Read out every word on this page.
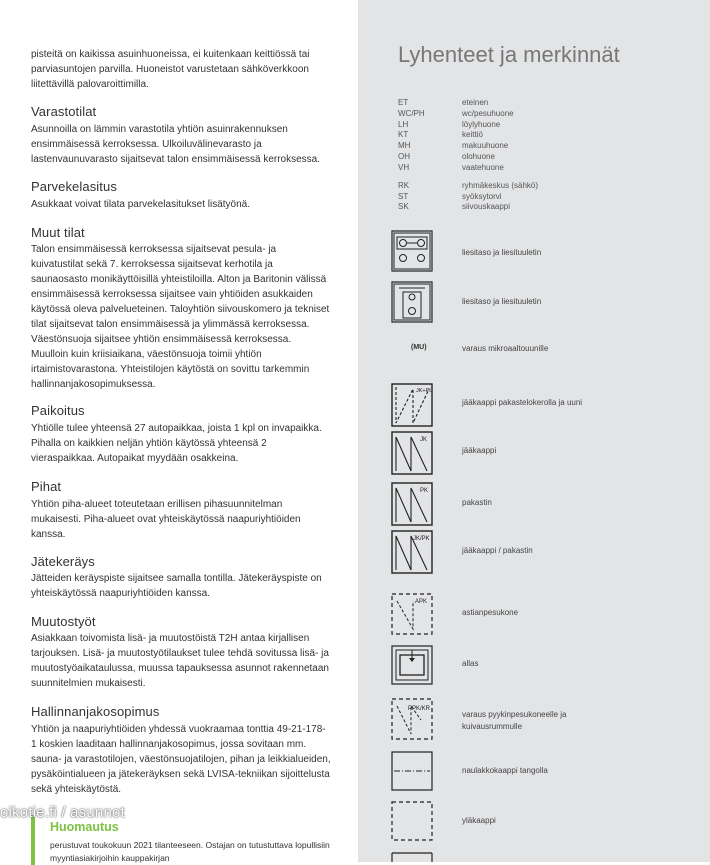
pisteitä on kaikissa asuinhuoneissa, ei kuitenkaan keittiössä tai parviasuntojen parvilla. Huoneistot varustetaan sähköverkkoon liitettävillä palovaroittimilla.

Varastotilat

Asunnoilla on lämmin varastotila yhtiön asuinrakennuksen ensimmäisessä kerroksessa. Ulkoiluvälinevarasto ja lastenvaunuvarasto sijaitsevat talon ensimmäisessä kerroksessa.

Parvekelasitus

Asukkaat voivat tilata parvekelasitukset lisätyönä.

Muut tilat

Talon ensimmäisessä kerroksessa sijaitsevat pesula- ja kuivatustilat sekä 7. kerroksessa sijaitsevat kerhotila ja saunaosasto monikäyttöisillä yhteistiloilla. Alton ja Baritonin välissä ensimmäisessä kerroksessa sijaitsee vain yhtiöiden asukkaiden käytössä oleva palvelueteinen. Taloyhtiön siivouskomero ja tekniset tilat sijaitsevat talon ensimmäisessä ja ylimmässä kerroksessa. Väestönsuoja sijaitsee yhtiön ensimmäisessä kerroksessa. Muulloin kuin kriisiaikana, väestönsuoja toimii yhtiön irtaimistovarastona. Yhteistilojen käytöstä on sovittu tarkemmin hallinnanjakosopimuksessa.

Paikoitus

Yhtiölle tulee yhteensä 27 autopaikkaa, joista 1 kpl on invapaikka. Pihalla on kaikkien neljän yhtiön käytössä yhteensä 2 vieraspaikkaa. Autopaikat myydään osakkeina.

Pihat

Yhtiön piha-alueet toteutetaan erillisen pihasuunnitelman mukaisesti. Piha-alueet ovat yhteiskäytössä naapuriyhtiöiden kanssa.

Jätekeräys

Jätteiden keräyspiste sijaitsee samalla tontilla. Jätekeräyspiste on yhteiskäytössä naapuriyhtiöiden kanssa.

Muutostyöt

Asiakkaan toivomista lisä- ja muutostöistä T2H antaa kirjallisen tarjouksen. Lisä- ja muutostyötilaukset tulee tehdä sovitussa lisä- ja muutostyöaikataulussa, muussa tapauksessa asunnot rakennetaan suunnitelmien mukaisesti.

Hallinnanjakosopimus

Yhtiön ja naapuriyhtiöiden yhdessä vuokraamaa tonttia 49-21-178-1 koskien laaditaan hallinnanjakosopimus, jossa sovitaan mm. sauna- ja varastotilojen, väestönsuojatilojen, pihan ja leikkialueiden, pysäköintialueen ja jätekeräyksen sekä LVISA-tekniikan sijoittelusta sekä yhteiskäytöstä.

Huomautus

perustuvat toukokuun 2021 tilanteeseen. Ostajan on tutustuttava lopullisiin myyntiasiakirjoihin kauppakirjan

oikotie.fi / asunnot
Lyhenteet ja merkinnät
ET	eteinen
WC/PH	wc/pesuhuone
LH	löylyhuone
KT	keittiö
MH	makuuhuone
OH	olohuone
VH	vaatehuone
RK	ryhmäkeskus (sähkö)
ST	syöksytorvi
SK	siivouskaappi
liesitaso ja liesituuletin
liesitaso ja liesituuletin
(MU)	varaus mikroaaltouunille
JK+PL
jääkaappi pakastelokerolla ja uuni
JK
jääkaappi
PK
pakastin
JK/PK
jääkaappi / pakastin
APK
astianpesukone
allas
PPK/KR
varaus pyykinpesukoneelle ja kuivausrummulle
naulakkokaappi tangolla
yläkaappi
